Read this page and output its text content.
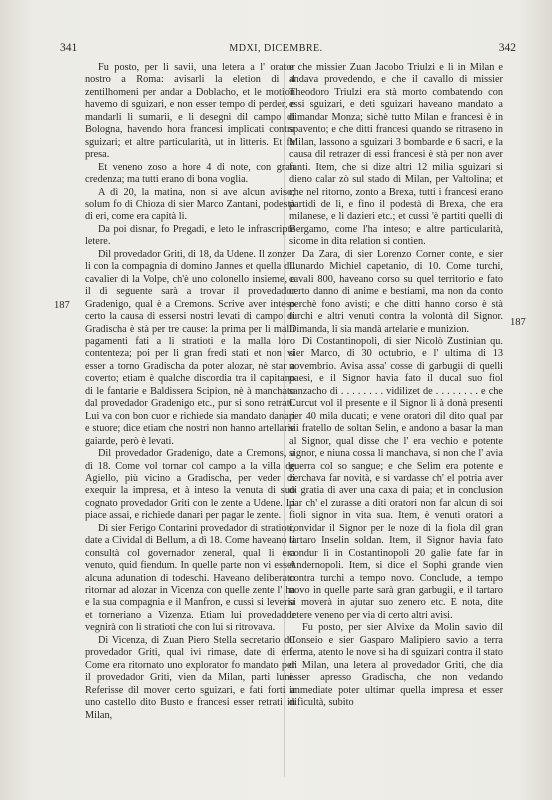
341	MDXI, DICEMBRE.	342
187
187

Fu posto, per li savii, una letera a l' orator nostro a Roma: avisarli la eletion di 4 zentilhomeni per andar a Doblacho, et le motion havemo di sguizari, e non esser tempo di perder, e mandarli li sumarii, e li desegni dil campo di Bologna, havendo hora francesi implicati contra sguizari; et altre particularità, ut in litteris. Et fu presa.

Et veneno zoso a hore 4 di note, con gran credenza; ma tutti erano di bona voglia.

A dì 20, la matina, non si ave alcun aviso; solum fo di Chioza di sier Marco Zantani, podestà di eri, come era capità li.

Da poi disnar, fo Pregadi, e leto le infrascripte letere.

Dil provedador Griti, di 18, da Udene. Il zonzer li con la compagnia di domino Jannes et quella dil cavalier di la Volpe, ch'è uno colonello insieme, e il dì seguente sarà a trovar il provedador Gradenigo, qual è a Cremons. Scrive aver inteso certo la causa di essersi nostri levati di campo di Gradischa è stà per tre cause: la prima per li malli pagamenti fati a li stratioti e la malla loro contenteza; poi per li gran fredi stati et non vi esser a torno Gradischa da poter alozar, nè star a coverto; etiam è qualche discordia tra il capitano di le fantarie e Baldissera Scipion, nè à manchato dal provedador Gradenigo etc., pur si sono retrati. Lui va con bon cuor e richiede sia mandato danari e stuore; dice etiam che nostri non hanno artellarie gaiarde, però è levati.

Dil provedador Gradenigo, date a Cremons, a dì 18. Come vol tornar col campo a la villa de Agiello, più vicino a Gradischa, per veder di exequir la impresa, et à inteso la venuta di suo cognato provedador Griti con le zente a Udene. Li piace assai, e richiede danari per pagar le zente.

Di sier Ferigo Contarini provedador di stratioti, date a Cividal di Bellum, a dì 18. Come haveano li consultà col governador zeneral, qual li era venuto, quid fiendum. In quelle parte non vi esser alcuna adunation di todeschi. Haveano deliberato ritornar ad alozar in Vicenza con quelle zente l' ha e la sua compagnia e il Manfron, e cussì si leveria et torneriano a Vizenza. Etiam lui provedador vegnirà con li stratioti che con lui si ritrovava.

Di Vicenza, di Zuan Piero Stella secretario dil provedador Griti, qual ivi rimase, date di eri. Come era ritornato uno explorator fo mandato per il provedador Griti, vien da Milan, parti luni. Referisse dil mover certo sguizari, e fati forti a uno castello dito Busto e francesi esser retrati in Milan,

e che missier Zuan Jacobo Triulzi e lì in Milan e andava provedendo, e che il cavallo di missier Theodoro Triulzi era stà morto combatendo con essi sguizari, e deti sguizari haveano mandato a dimandar Monza; sichè tutto Milan e francesi è in spavento; e che ditti francesi quando se ritraseno in Milan, lassono a sguizari 3 bombarde e 6 sacri, e la causa dil retrazer di essi francesi è stà per non aver fanti. Item, che si dize altri 12 milia sguizari si dieno calar zò sul stado di Milan, per Valtolina; et che nel ritorno, zonto a Brexa, tutti i francesi erano partidi de lì, e fino il podestà di Brexa, che era milanese, e li dazieri etc.; et cussì 'è partiti quelli di Bergamo, come l'ha inteso; e altre particularità, sicome in dita relation si contien.

Da Zara, di sier Lorenzo Corner conte, e sier Lunardo Michiel capetanio, di 10. Come turchi, cavali 800, haveano corso su quel territorio e fato certo danno di anime e bestiami, ma non da conto perchè fono avisti; e che ditti hanno corso è stà turchi e altri venuti contra la volontà dil Signor. Dimanda, li sia mandà artelarie e munizion.

Di Costantinopoli, di sier Nicolò Zustinian qu. sier Marco, di 30 octubrio, e l' ultima di 13 novembrio. Avisa assa' cosse di garbugii di quelli paesi, e il Signor havia fato il ducal suo fiol sanzacho di . . . . . . . . vidilizet de . . . . . . . . e che Curcut vol il presente e il Signor li à donà presenti per 40 mila ducati; e vene oratori dil dito qual par sii fratello de soltan Selin, e andono a basar la man al Signor, qual disse che l' era vechio e potente signor, e niuna cossa li manchava, si non che l' avia guerra col so sangue; e che Selim era potente e zerchava far novità, e si vardasse ch' el potria aver di gratia di aver una caxa di paia; et in conclusion par ch' el zurasse a diti oratori non far alcun di soi fioli signor in vita sua. Item, è venuti oratori a convidar il Signor per le noze di la fiola dil gran tartaro Inselin soldan. Item, il Signor havia fato condur lì in Costantinopoli 20 galie fate far in Andernopoli. Item, si dice el Sophì grande vien contra turchi a tempo novo. Conclude, a tempo novo in quelle parte sarà gran garbugii, e il tartaro si moverà in ajutar suo zenero etc. E nota, dite letere veneno per via di certo altri avisi.

Fu posto, per sier Alvixe da Molin savio dil Conseio e sier Gasparo Malipiero savio a terra ferma, atento le nove si ha di sguizari contra il stato di Milan, una letera al provedador Griti, che dia esser apresso Gradischa, che non vedando immediate poter ultimar quella impresa et esser dificultà, subito
